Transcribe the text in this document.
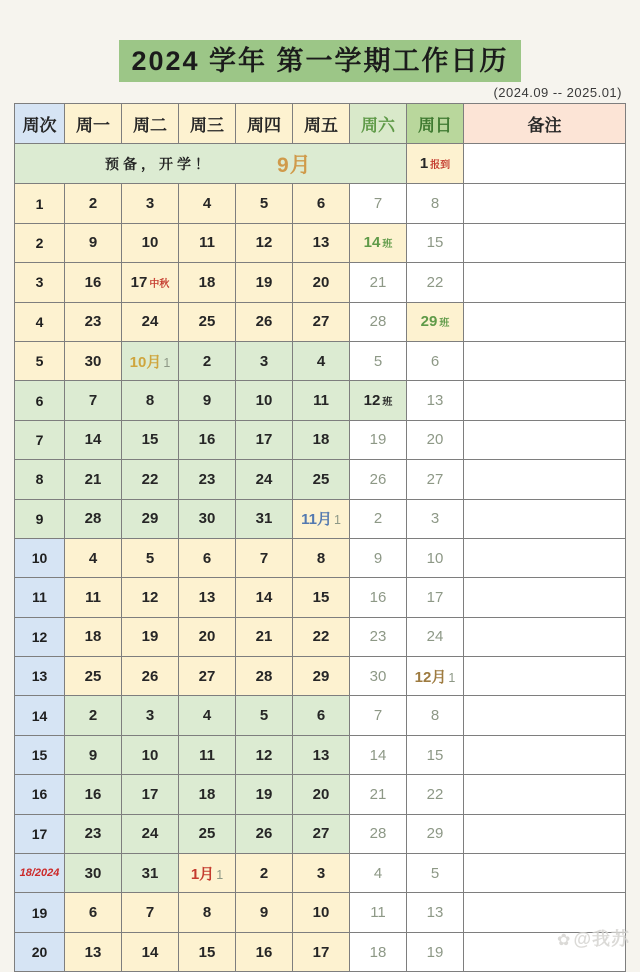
2024 学年 第一学期工作日历
(2024.09 -- 2025.01)
周次	周一	周二	周三	周四	周五	周六	周日	备注

预备，开学！ 9月							1 报到	
1	2	3	4	5	6	7	8	
2	9	10	11	12	13	14 班	15	
3	16	17 中秋	18	19	20	21	22	
4	23	24	25	26	27	28	29 班	
5	30	10月 1	2	3	4	5	6	
6	7	8	9	10	11	12 班	13	
7	14	15	16	17	18	19	20	
8	21	22	23	24	25	26	27	
9	28	29	30	31	11月 1	2	3	
10	4	5	6	7	8	9	10	
11	11	12	13	14	15	16	17	
12	18	19	20	21	22	23	24	
13	25	26	27	28	29	30	12月 1	
14	2	3	4	5	6	7	8	
15	9	10	11	12	13	14	15	
16	16	17	18	19	20	21	22	
17	23	24	25	26	27	28	29	
18/2024	30	31	1月 1	2	3	4	5	
19	6	7	8	9	10	11	13	
20	13	14	15	16	17	18	19	
✿ @我苏
